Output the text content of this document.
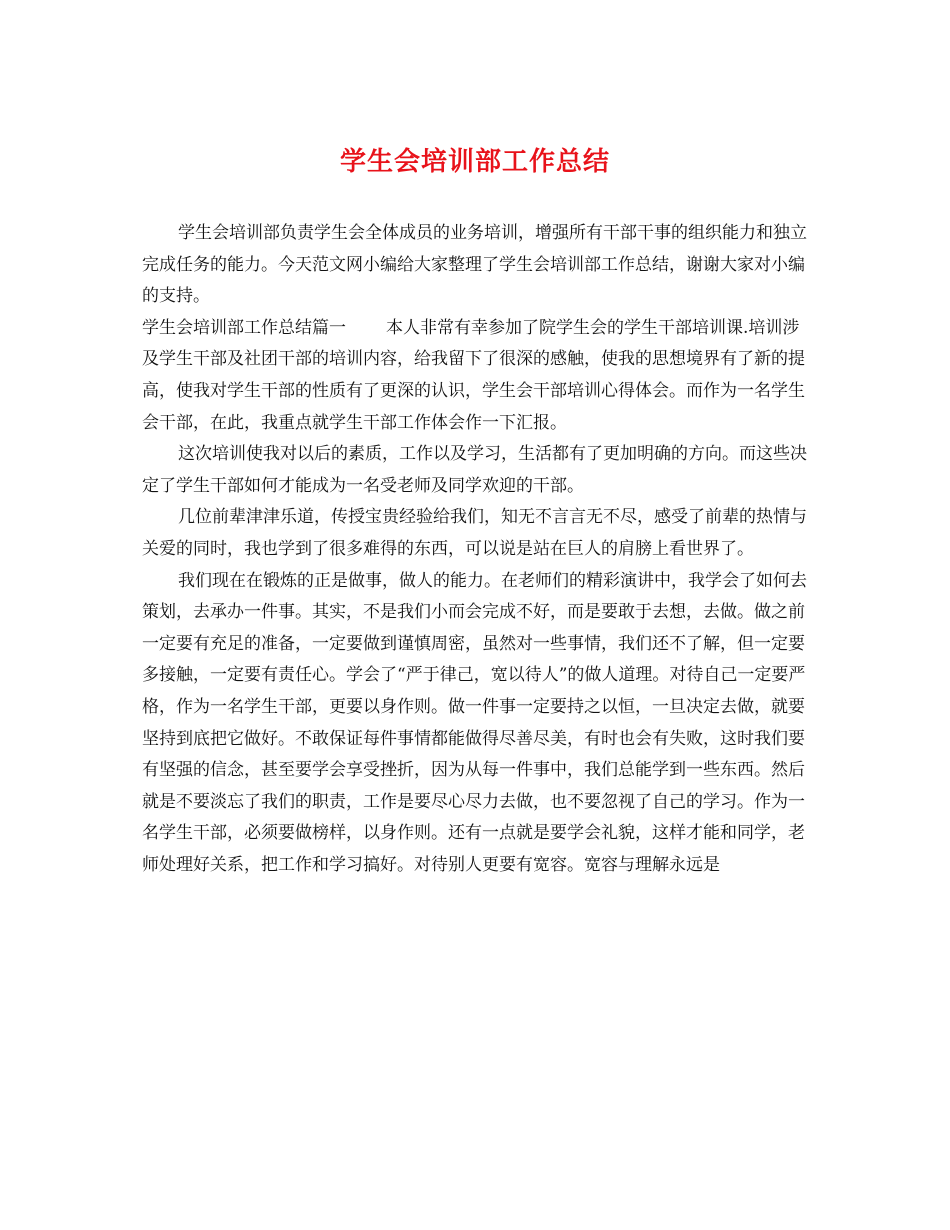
学生会培训部工作总结

学生会培训部负责学生会全体成员的业务培训，增强所有干部干事的组织能力和独立完成任务的能力。今天范文网小编给大家整理了学生会培训部工作总结，谢谢大家对小编的支持。

学生会培训部工作总结篇一 本人非常有幸参加了院学生会的学生干部培训课.培训涉及学生干部及社团干部的培训内容，给我留下了很深的感触，使我的思想境界有了新的提高，使我对学生干部的性质有了更深的认识，学生会干部培训心得体会。而作为一名学生会干部，在此，我重点就学生干部工作体会作一下汇报。

这次培训使我对以后的素质，工作以及学习，生活都有了更加明确的方向。而这些决定了学生干部如何才能成为一名受老师及同学欢迎的干部。

几位前辈津津乐道，传授宝贵经验给我们，知无不言言无不尽，感受了前辈的热情与关爱的同时，我也学到了很多难得的东西，可以说是站在巨人的肩膀上看世界了。

我们现在在锻炼的正是做事，做人的能力。在老师们的精彩演讲中，我学会了如何去策划，去承办一件事。其实，不是我们小而会完成不好，而是要敢于去想，去做。做之前一定要有充足的准备，一定要做到谨慎周密，虽然对一些事情，我们还不了解，但一定要多接触，一定要有责任心。学会了“严于律己，宽以待人”的做人道理。对待自己一定要严格，作为一名学生干部，更要以身作则。做一件事一定要持之以恒，一旦决定去做，就要坚持到底把它做好。不敢保证每件事情都能做得尽善尽美，有时也会有失败，这时我们要有坚强的信念，甚至要学会享受挫折，因为从每一件事中，我们总能学到一些东西。然后就是不要淡忘了我们的职责，工作是要尽心尽力去做，也不要忽视了自己的学习。作为一名学生干部，必须要做榜样，以身作则。还有一点就是要学会礼貌，这样才能和同学，老师处理好关系，把工作和学习搞好。对待别人更要有宽容。宽容与理解永远是
